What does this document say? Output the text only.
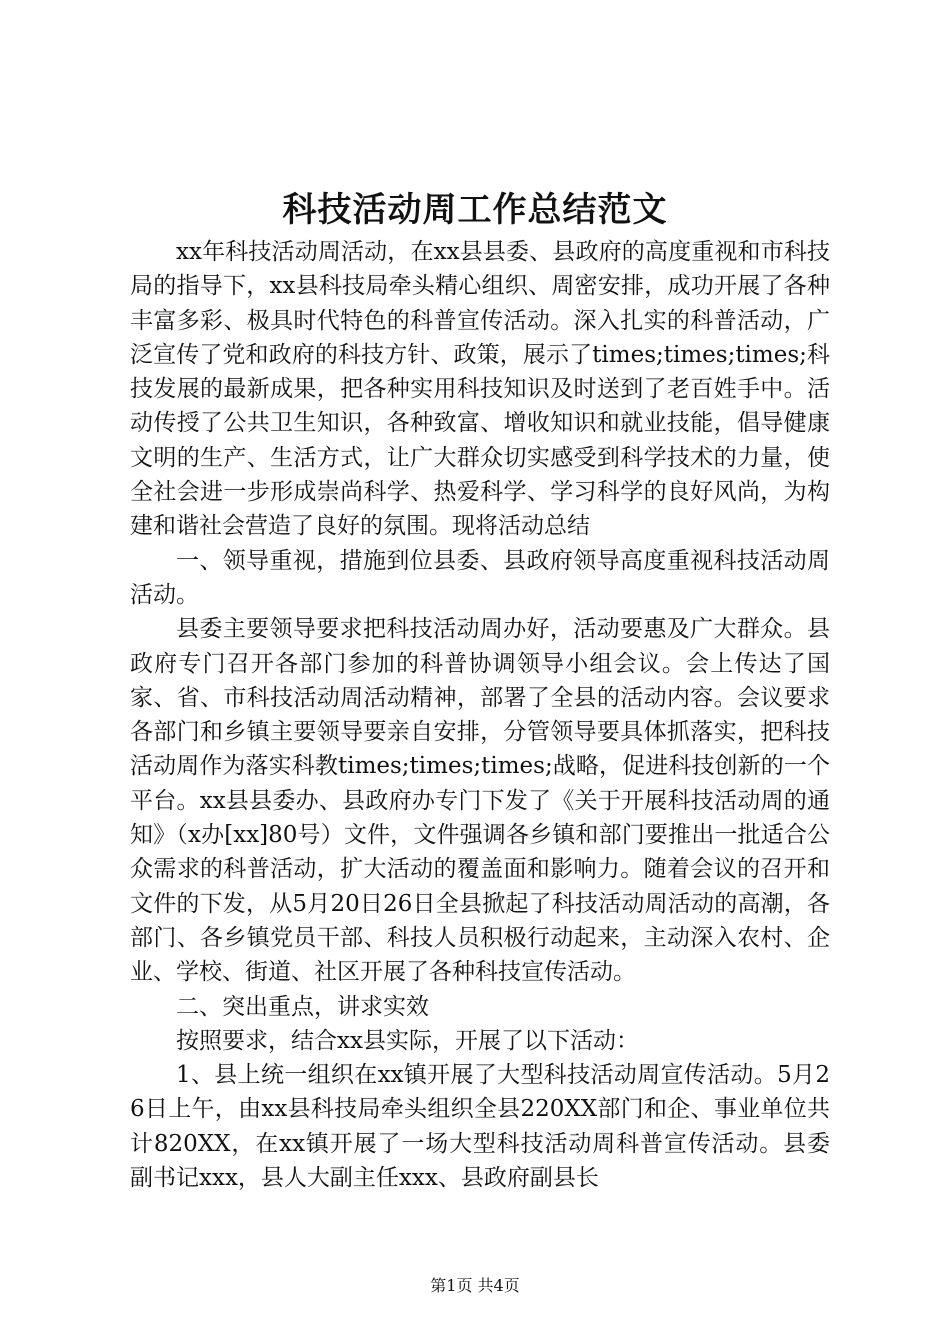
科技活动周工作总结范文

xx年科技活动周活动，在xx县县委、县政府的高度重视和市科技局的指导下，xx县科技局牵头精心组织、周密安排，成功开展了各种丰富多彩、极具时代特色的科普宣传活动。深入扎实的科普活动，广泛宣传了党和政府的科技方针、政策，展示了times;times;times;科技发展的最新成果，把各种实用科技知识及时送到了老百姓手中。活动传授了公共卫生知识，各种致富、增收知识和就业技能，倡导健康文明的生产、生活方式，让广大群众切实感受到科学技术的力量，使全社会进一步形成崇尚科学、热爱科学、学习科学的良好风尚，为构建和谐社会营造了良好的氛围。现将活动总结

一、领导重视，措施到位县委、县政府领导高度重视科技活动周活动。

县委主要领导要求把科技活动周办好，活动要惠及广大群众。县政府专门召开各部门参加的科普协调领导小组会议。会上传达了国家、省、市科技活动周活动精神，部署了全县的活动内容。会议要求各部门和乡镇主要领导要亲自安排，分管领导要具体抓落实，把科技活动周作为落实科教times;times;times;战略，促进科技创新的一个平台。xx县县委办、县政府办专门下发了《关于开展科技活动周的通知》（x办[xx]80号）文件，文件强调各乡镇和部门要推出一批适合公众需求的科普活动，扩大活动的覆盖面和影响力。随着会议的召开和文件的下发，从5月20日26日全县掀起了科技活动周活动的高潮，各部门、各乡镇党员干部、科技人员积极行动起来，主动深入农村、企业、学校、街道、社区开展了各种科技宣传活动。

二、突出重点，讲求实效

按照要求，结合xx县实际，开展了以下活动：

1、县上统一组织在xx镇开展了大型科技活动周宣传活动。5月26日上午，由xx县科技局牵头组织全县220XX部门和企、事业单位共计820XX，在xx镇开展了一场大型科技活动周科普宣传活动。县委副书记xxx，县人大副主任xxx、县政府副县长

第1页 共4页
